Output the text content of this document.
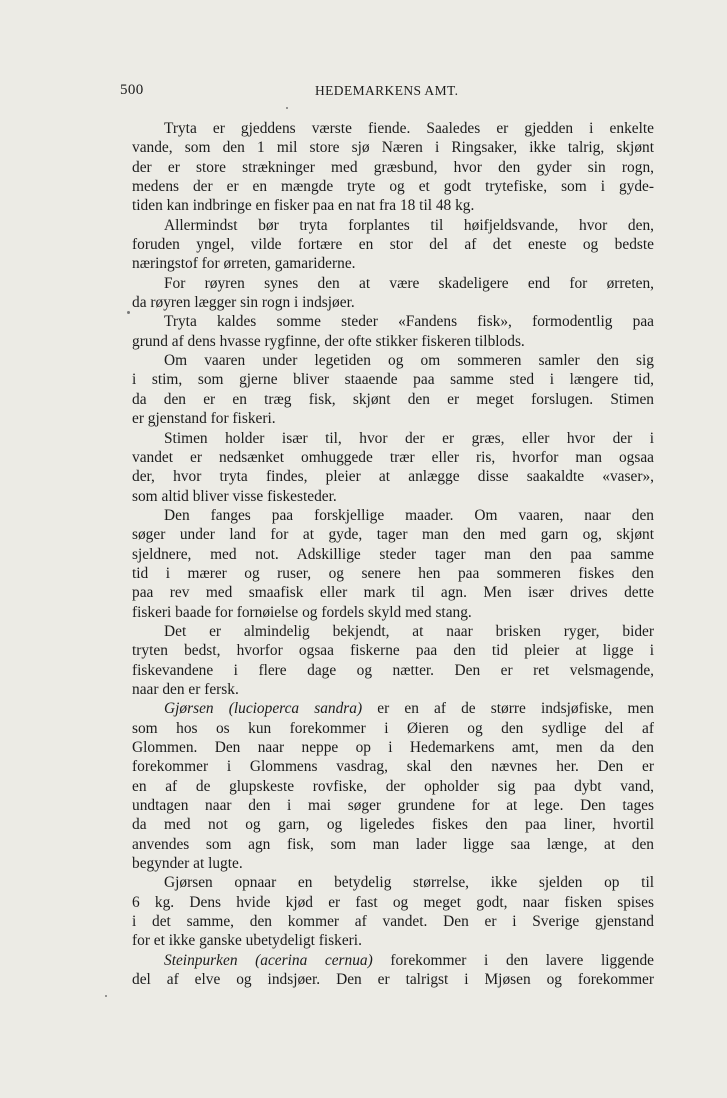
500	HEDEMARKENS AMT.
Tryta er gjeddens værste fiende. Saaledes er gjedden i enkelte
vande, som den 1 mil store sjø Næren i Ringsaker, ikke talrig, skjønt
der er store strækninger med græsbund, hvor den gyder sin rogn,
medens der er en mængde tryte og et godt trytefiske, som i gyde-
tiden kan indbringe en fisker paa en nat fra 18 til 48 kg.
Allermindst bør tryta forplantes til høifjeldsvande, hvor den,
foruden yngel, vilde fortære en stor del af det eneste og bedste
næringstof for ørreten, gamariderne.
For røyren synes den at være skadeligere end for ørreten,
da røyren lægger sin rogn i indsjøer.
Tryta kaldes somme steder «Fandens fisk», formodentlig paa
grund af dens hvasse rygfinne, der ofte stikker fiskeren tilblods.
Om vaaren under legetiden og om sommeren samler den sig
i stim, som gjerne bliver staaende paa samme sted i længere tid,
da den er en træg fisk, skjønt den er meget forslugen. Stimen
er gjenstand for fiskeri.
Stimen holder især til, hvor der er græs, eller hvor der i
vandet er nedsænket omhuggede trær eller ris, hvorfor man ogsaa
der, hvor tryta findes, pleier at anlægge disse saakaldte «vaser»,
som altid bliver visse fiskesteder.
Den fanges paa forskjellige maader. Om vaaren, naar den
søger under land for at gyde, tager man den med garn og, skjønt
sjeldnere, med not. Adskillige steder tager man den paa samme
tid i mærer og ruser, og senere hen paa sommeren fiskes den
paa rev med smaafisk eller mark til agn. Men især drives dette
fiskeri baade for fornøielse og fordels skyld med stang.
Det er almindelig bekjendt, at naar brisken ryger, bider
tryten bedst, hvorfor ogsaa fiskerne paa den tid pleier at ligge i
fiskevandene i flere dage og nætter. Den er ret velsmagende,
naar den er fersk.
Gjørsen (lucioperca sandra) er en af de større indsjøfiske, men
som hos os kun forekommer i Øieren og den sydlige del af
Glommen. Den naar neppe op i Hedemarkens amt, men da den
forekommer i Glommens vasdrag, skal den nævnes her. Den er
en af de glupskeste rovfiske, der opholder sig paa dybt vand,
undtagen naar den i mai søger grundene for at lege. Den tages
da med not og garn, og ligeledes fiskes den paa liner, hvortil
anvendes som agn fisk, som man lader ligge saa længe, at den
begynder at lugte.
Gjørsen opnaar en betydelig størrelse, ikke sjelden op til
6 kg. Dens hvide kjød er fast og meget godt, naar fisken spises
i det samme, den kommer af vandet. Den er i Sverige gjenstand
for et ikke ganske ubetydeligt fiskeri.
Steinpurken (acerina cernua) forekommer i den lavere liggende
del af elve og indsjøer. Den er talrigst i Mjøsen og forekommer
